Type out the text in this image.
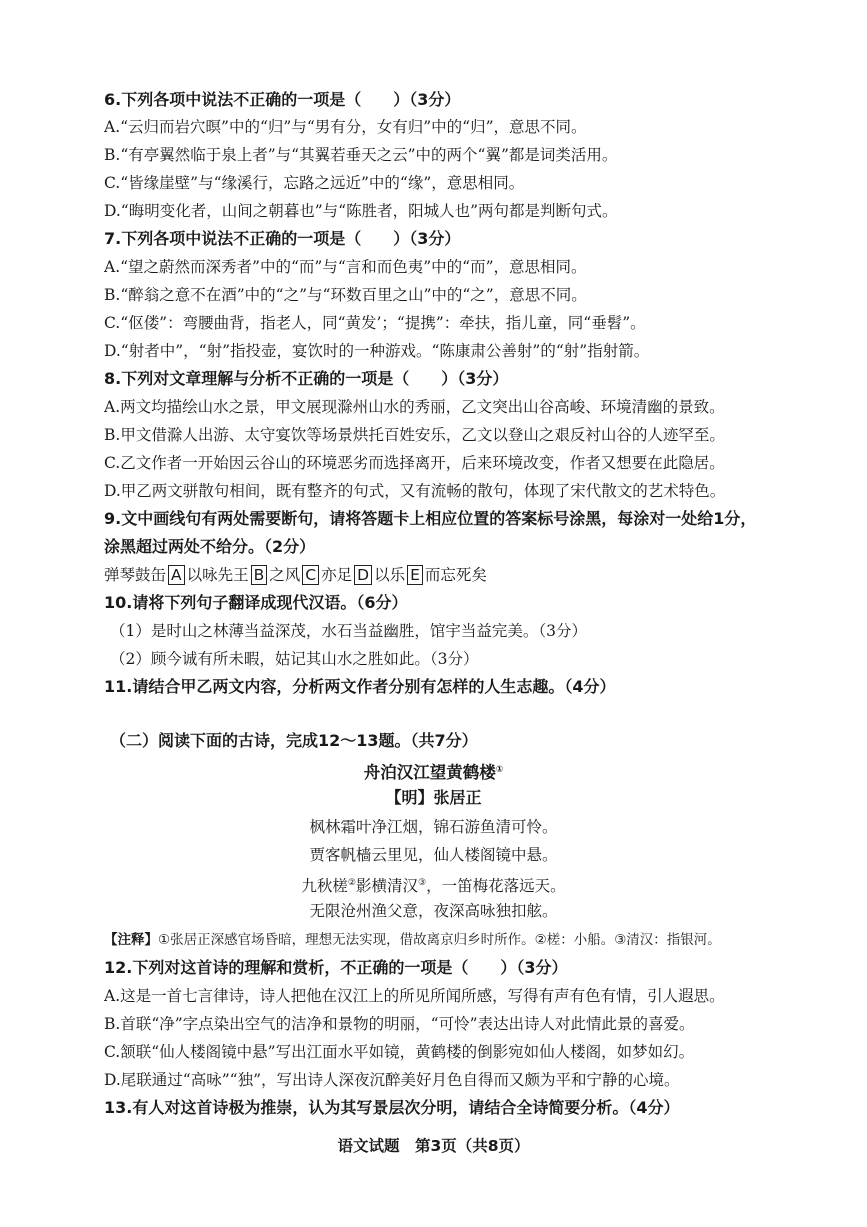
6.下列各项中说法不正确的一项是（　　）（3分）
A.“云归而岩穴暝”中的“归”与“男有分，女有归”中的“归”，意思不同。
B.“有亭翼然临于泉上者”与“其翼若垂天之云”中的两个“翼”都是词类活用。
C.“皆缘崖壁”与“缘溪行，忘路之远近”中的“缘”，意思相同。
D.“晦明变化者，山间之朝暮也”与“陈胜者，阳城人也”两句都是判断句式。
7.下列各项中说法不正确的一项是（　　）（3分）
A.“望之蔚然而深秀者”中的“而”与“言和而色夷”中的“而”，意思相同。
B.“醉翁之意不在酒”中的“之”与“环数百里之山”中的“之”，意思不同。
C.“伛偻”：弯腰曲背，指老人，同“黄发’；“提携”：牵扶，指儿童，同“垂髫”。
D.“射者中”，“射”指投壶，宴饮时的一种游戏。“陈康肃公善射”的“射”指射箭。
8.下列对文章理解与分析不正确的一项是（　　）（3分）
A.两文均描绘山水之景，甲文展现滁州山水的秀丽，乙文突出山谷高峻、环境清幽的景致。
B.甲文借滁人出游、太守宴饮等场景烘托百姓安乐，乙文以登山之艰反衬山谷的人迹罕至。
C.乙文作者一开始因云谷山的环境恶劣而选择离开，后来环境改变，作者又想要在此隐居。
D.甲乙两文骈散句相间，既有整齐的句式，又有流畅的散句，体现了宋代散文的艺术特色。
9.文中画线句有两处需要断句，请将答题卡上相应位置的答案标号涂黑，每涂对一处给1分，
涂黑超过两处不给分。（2分）
弹琴鼓缶 A 以咏先王 B 之风 C 亦足 D 以乐 E 而忘死矣
10.请将下列句子翻译成现代汉语。（6分）
（1）是时山之林薄当益深茂，水石当益幽胜，馆宇当益完美。（3分）
（2）顾今诚有所未暇，姑记其山水之胜如此。（3分）
11.请结合甲乙两文内容，分析两文作者分别有怎样的人生志趣。（4分）
（二）阅读下面的古诗，完成12～13题。（共7分）
舟泊汉江望黄鹤楼①
【明】张居正
枫林霜叶净江烟，锦石游鱼清可怜。
贾客帆樯云里见，仙人楼阁镜中悬。
九秋槎②影横清汉③，一笛梅花落远天。
无限沧州渔父意，夜深高咏独扣舷。
【注释】①张居正深感官场昏暗，理想无法实现，借故离京归乡时所作。②槎：小船。③清汉：指银河。
12.下列对这首诗的理解和赏析，不正确的一项是（　　）（3分）
A.这是一首七言律诗，诗人把他在汉江上的所见所闻所感，写得有声有色有情，引人遐思。
B.首联“净”字点染出空气的洁净和景物的明丽，“可怜”表达出诗人对此情此景的喜爱。
C.颔联“仙人楼阁镜中悬”写出江面水平如镜，黄鹤楼的倒影宛如仙人楼阁，如梦如幻。
D.尾联通过“高咏”“独”，写出诗人深夜沉醉美好月色自得而又颇为平和宁静的心境。
13.有人对这首诗极为推崇，认为其写景层次分明，请结合全诗简要分析。（4分）
语文试题　第3页（共8页）
